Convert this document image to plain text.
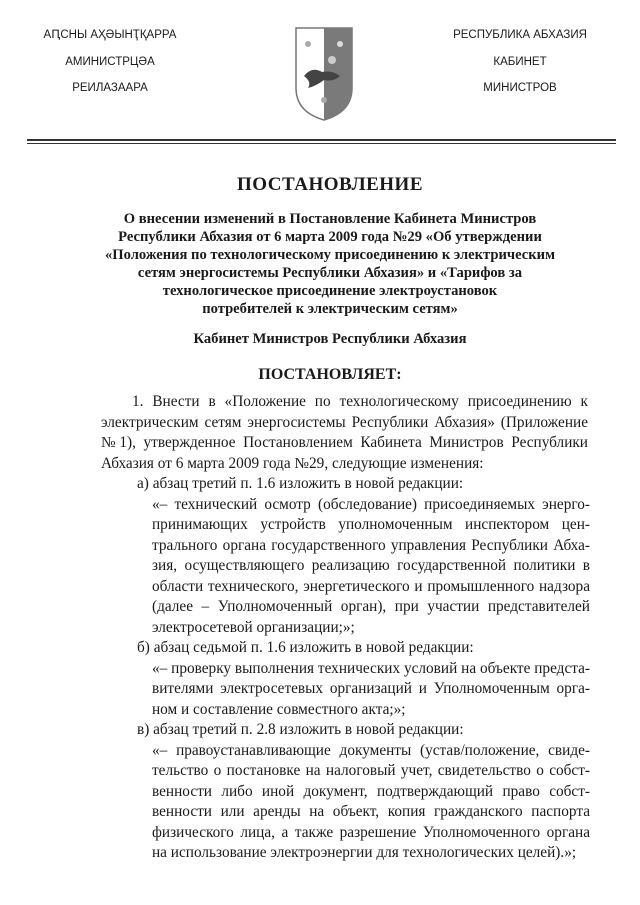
АԤСНЫ АҲӘЫНҬҚАРРА
АМИНИСТРЦӘА
РЕИЛАЗААРА
РЕСПУБЛИКА АБХАЗИЯ
КАБИНЕТ
МИНИСТРОВ
ПОСТАНОВЛЕНИЕ
О внесении изменений в Постановление Кабинета Министров
Республики Абхазия от 6 марта 2009 года №29 «Об утверждении
«Положения по технологическому присоединению к электрическим
сетям энергосистемы Республики Абхазия» и «Тарифов за
технологическое присоединение электроустановок
потребителей к электрическим сетям»
Кабинет Министров Республики Абхазия
ПОСТАНОВЛЯЕТ:
1. Внести в «Положение по технологическому присоединению к
электрическим сетям энергосистемы Республики Абхазия» (Приложение
№1), утвержденное Постановлением Кабинета Министров Республики
Абхазия от 6 марта 2009 года №29, следующие изменения:
а) абзац третий п. 1.6 изложить в новой редакции:
«– технический осмотр (обследование) присоединяемых энерго-
принимающих устройств уполномоченным инспектором цен-
трального органа государственного управления Республики Абха-
зия, осуществляющего реализацию государственной политики в
области технического, энергетического и промышленного надзора
(далее – Уполномоченный орган), при участии представителей
электросетевой организации;»;
б) абзац седьмой п. 1.6 изложить в новой редакции:
«– проверку выполнения технических условий на объекте предста-
вителями электросетевых организаций и Уполномоченным орга-
ном и составление совместного акта;»;
в) абзац третий п. 2.8 изложить в новой редакции:
«– правоустанавливающие документы (устав/положение, свиде-
тельство о постановке на налоговый учет, свидетельство о собст-
венности либо иной документ, подтверждающий право собст-
венности или аренды на объект, копия гражданского паспорта
физического лица, а также разрешение Уполномоченного органа
на использование электроэнергии для технологических целей).»;
